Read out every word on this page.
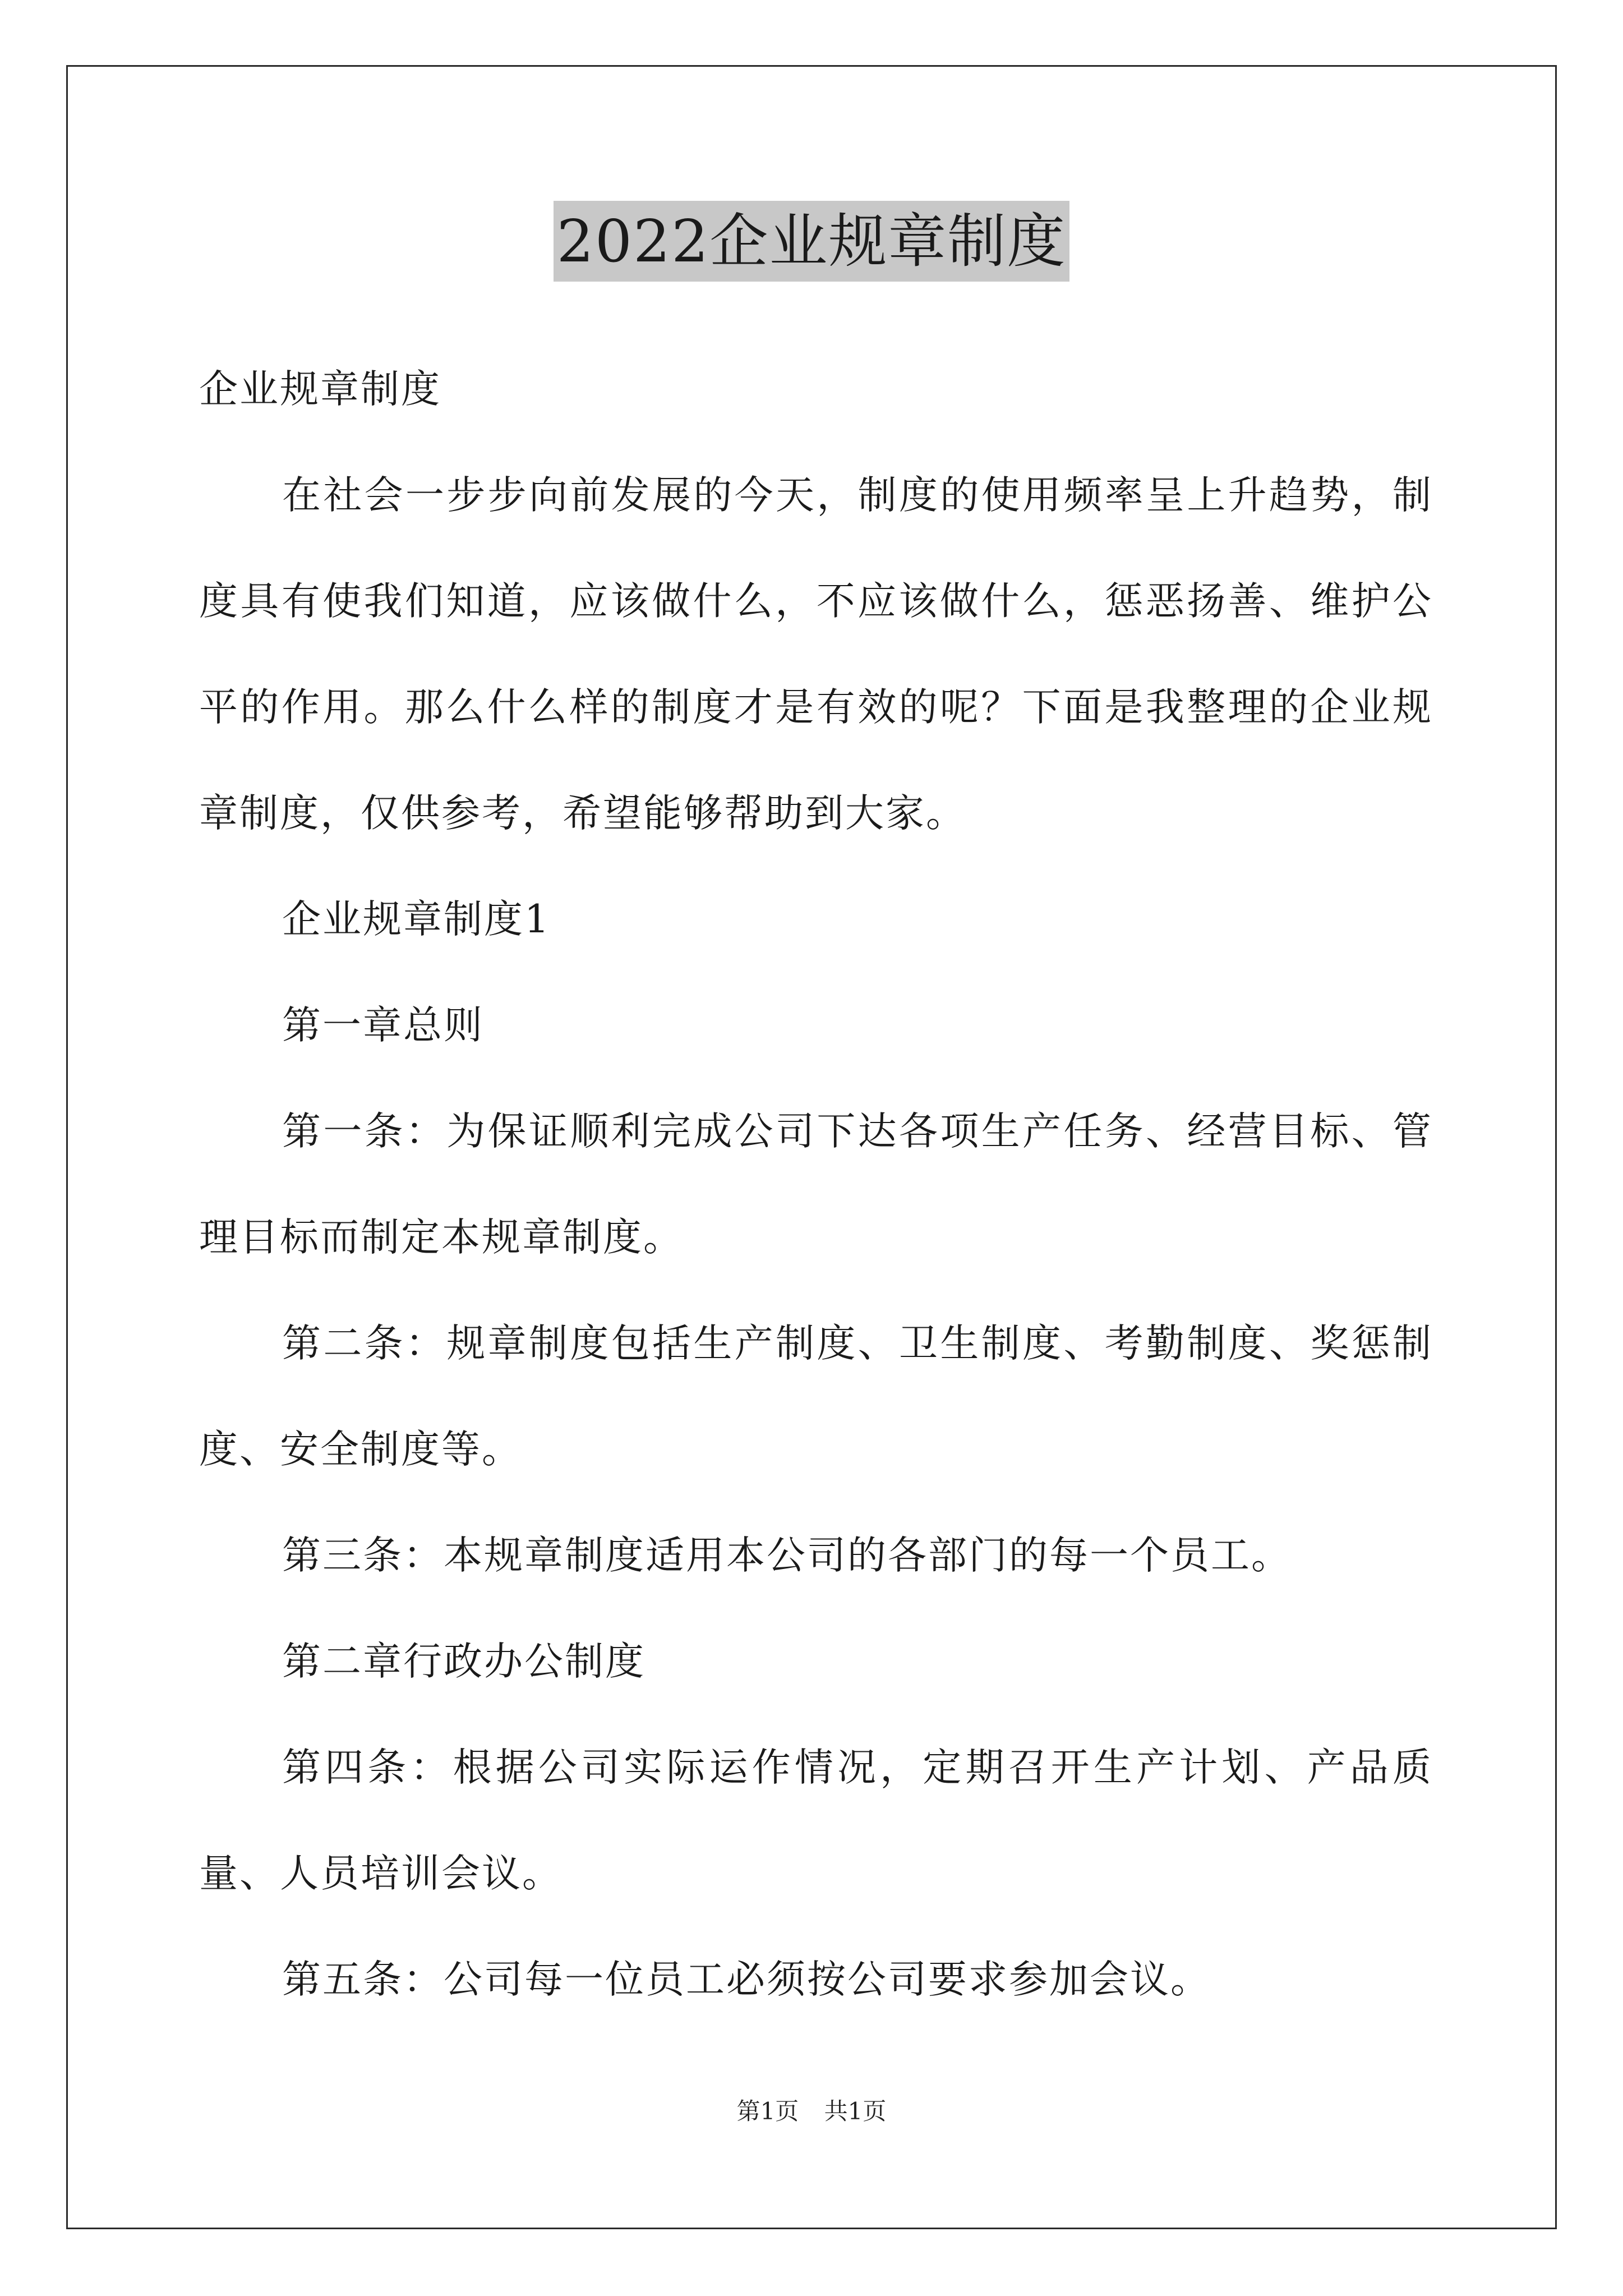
2022企业规章制度

企业规章制度

在社会一步步向前发展的今天，制度的使用频率呈上升趋势，制度具有使我们知道，应该做什么，不应该做什么，惩恶扬善、维护公平的作用。那么什么样的制度才是有效的呢？下面是我整理的企业规章制度，仅供参考，希望能够帮助到大家。

企业规章制度1

第一章总则

第一条：为保证顺利完成公司下达各项生产任务、经营目标、管理目标而制定本规章制度。

第二条：规章制度包括生产制度、卫生制度、考勤制度、奖惩制度、安全制度等。

第三条：本规章制度适用本公司的各部门的每一个员工。

第二章行政办公制度

第四条：根据公司实际运作情况，定期召开生产计划、产品质量、人员培训会议。

第五条：公司每一位员工必须按公司要求参加会议。

第1页 共1页
